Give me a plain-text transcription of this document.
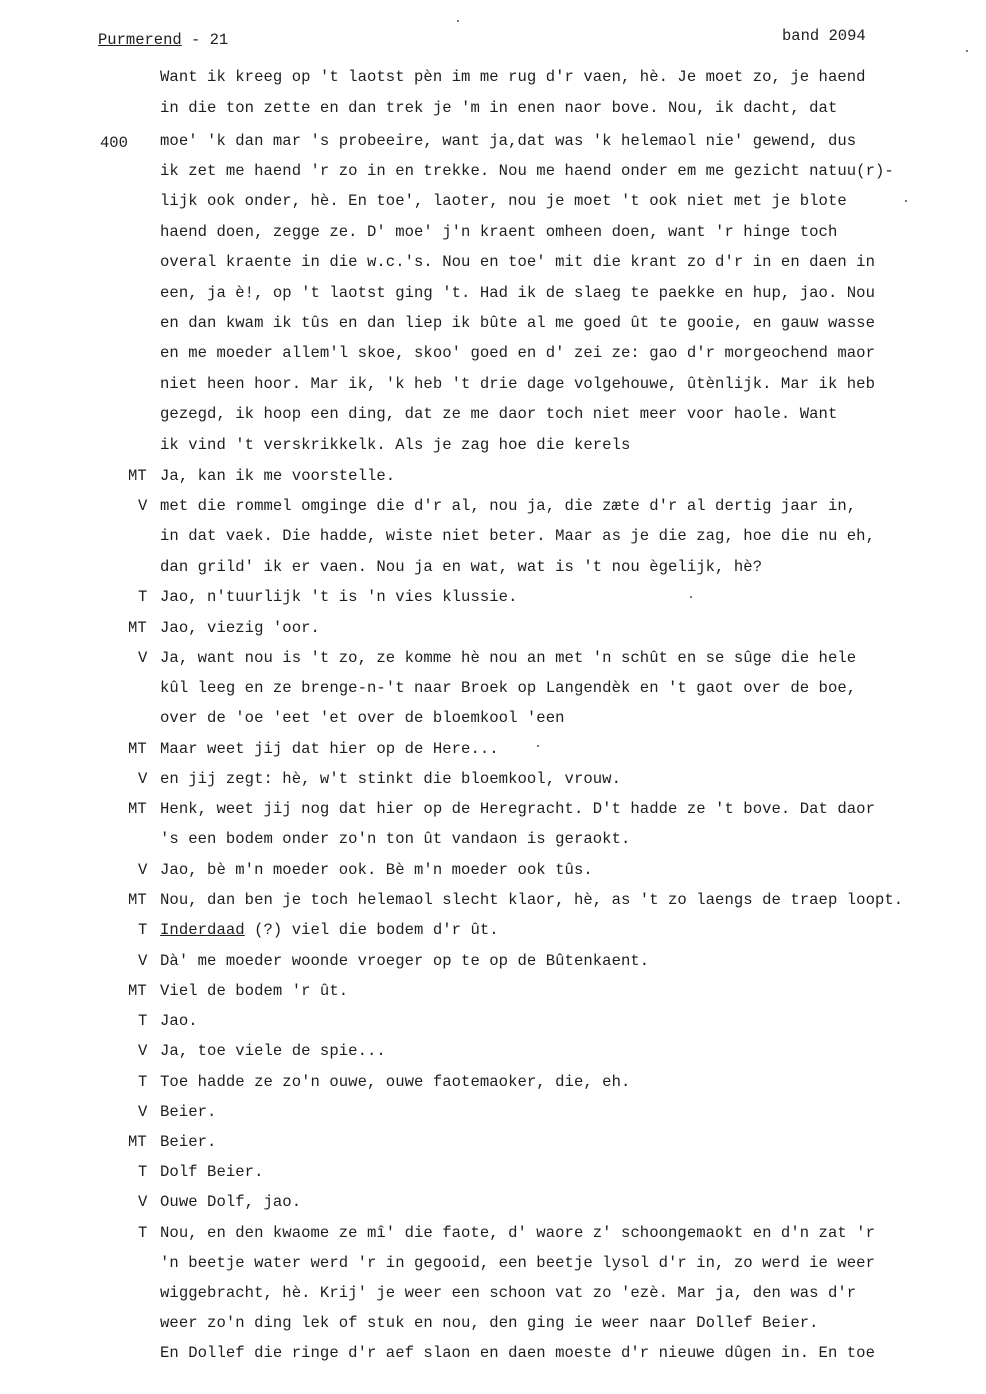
Purmerend - 21	band 2094
400
Want ik kreeg op 't laotst pèn im me rug d'r vaen, hè. Je moet zo, je haend
in die ton zette en dan trek je 'm in enen naor bove. Nou, ik dacht, dat
moe' 'k dan mar 's probeeire, want ja,dat was 'k helemaol nie' gewend, dus
ik zet me haend 'r zo in en trekke. Nou me haend onder em me gezicht natuu(r)-
lijk ook onder, hè. En toe', laoter, nou je moet 't ook niet met je blote
haend doen, zegge ze. D' moe' j'n kraent omheen doen, want 'r hinge toch
overal kraente in die w.c.'s. Nou en toe' mit die krant zo d'r in en daen in
een, ja è!, op 't laotst ging 't. Had ik de slaeg te paekke en hup, jao. Nou
en dan kwam ik tûs en dan liep ik bûte al me goed ût te gooie, en gauw wasse
en me moeder allem'l skoe, skoo' goed en d' zei ze: gao d'r morgeochend maor
niet heen hoor. Mar ik, 'k heb 't drie dage volgehouwe, ûtènlijk. Mar ik heb
gezegd, ik hoop een ding, dat ze me daor toch niet meer voor haole. Want
ik vind 't verskrikkelk. Als je zag hoe die kerels
MT Ja, kan ik me voorstelle.
V met die rommel omginge die d'r al, nou ja, die zæte d'r al dertig jaar in,
in dat vaek. Die hadde, wiste niet beter. Maar as je die zag, hoe die nu eh,
dan grild' ik er vaen. Nou ja en wat, wat is 't nou ègelijk, hè?
T Jao, n'tuurlijk 't is 'n vies klussie.
MT Jao, viezig 'oor.
V Ja, want nou is 't zo, ze komme hè nou an met 'n schût en se sûge die hele
kûl leeg en ze brenge-n-'t naar Broek op Langendèk en 't gaot over de boe,
over de 'oe 'eet 'et over de bloemkool 'een
MT Maar weet jij dat hier op de Here...
V en jij zegt: hè, w't stinkt die bloemkool, vrouw.
MT Henk, weet jij nog dat hier op de Heregracht. D't hadde ze 't bove. Dat daor
's een bodem onder zo'n ton ût vandaon is geraokt.
V Jao, bè m'n moeder ook. Bè m'n moeder ook tûs.
MT Nou, dan ben je toch helemaol slecht klaor, hè, as 't zo laengs de traep loopt.
T Inderdaad (?) viel die bodem d'r ût.
V Dà' me moeder woonde vroeger op te op de Bûtenkaent.
MT Viel de bodem 'r ût.
T Jao.
V Ja, toe viele de spie...
T Toe hadde ze zo'n ouwe, ouwe faotemaoker, die, eh.
V Beier.
MT Beier.
T Dolf Beier.
V Ouwe Dolf, jao.
T Nou, en den kwaome ze mî' die faote, d' waore z' schoongemaokt en d'n zat 'r
'n beetje water werd 'r in gegooid, een beetje lysol d'r in, zo werd ie weer
wiggebracht, hè. Krij' je weer een schoon vat zo 'ezè. Mar ja, den was d'r
weer zo'n ding lek of stuk en nou, den ging ie weer naar Dollef Beier.
En Dollef die ringe d'r aef slaon en daen moeste d'r nieuwe dûgen in. En toe
